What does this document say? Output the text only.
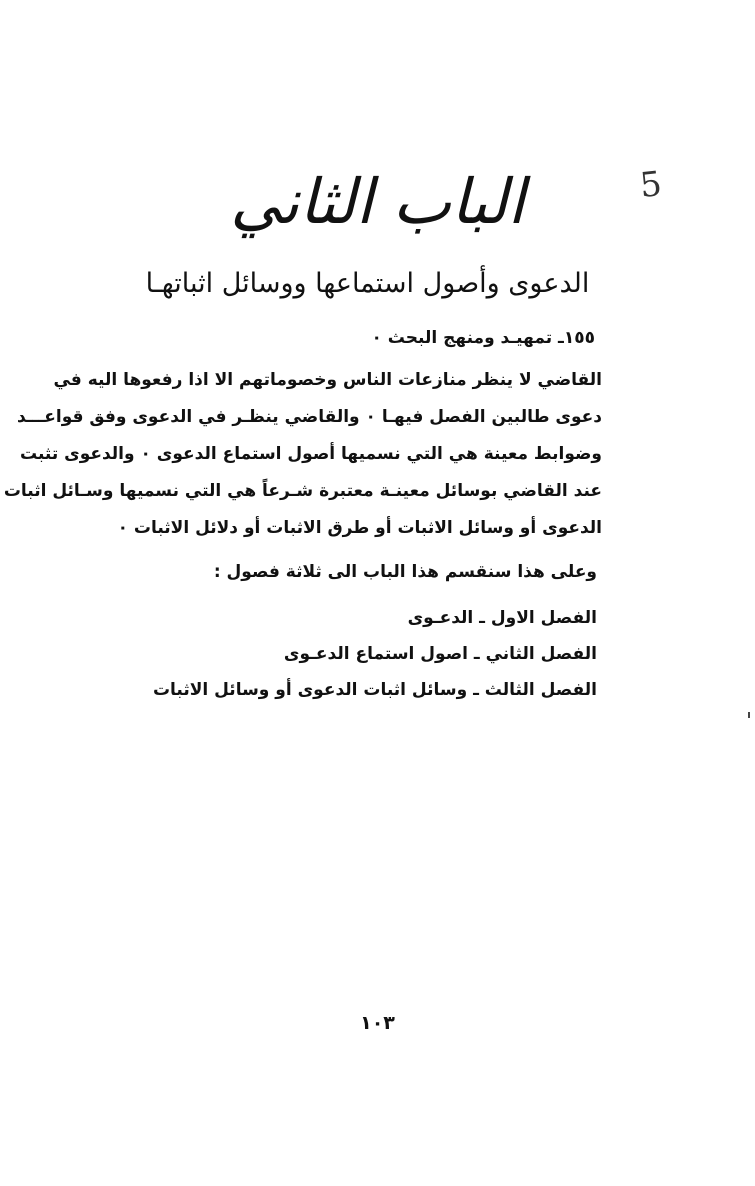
5
الباب الثاني
الدعوى وأصول استماعها ووسائل اثباتهـا
١٥٥ـ تمهيـد ومنهج البحث ٠
القاضي لا ينظر منازعات الناس وخصوماتهم الا اذا رفعوها اليه في
دعوى طالبين الفصل فيهـا ٠ والقاضي ينظـر في الدعوى وفق قواعـــد
وضوابط معينة هي التي نسميها أصول استماع الدعوى ٠ والدعوى تثبت
عند القاضي بوسائل معينـة معتبرة شـرعاً هي التي نسميها وسـائل اثبات
الدعوى أو وسائل الاثبات أو طرق الاثبات أو دلائل الاثبات ٠
وعلى هذا سنقسم هذا الباب الى ثلاثة فصول :
الفصل الاول ـ الدعـوى
الفصل الثاني ـ اصول استماع الدعـوى
الفصل الثالث ـ وسائل اثبات الدعوى أو وسائل الاثبات
١٠٣
